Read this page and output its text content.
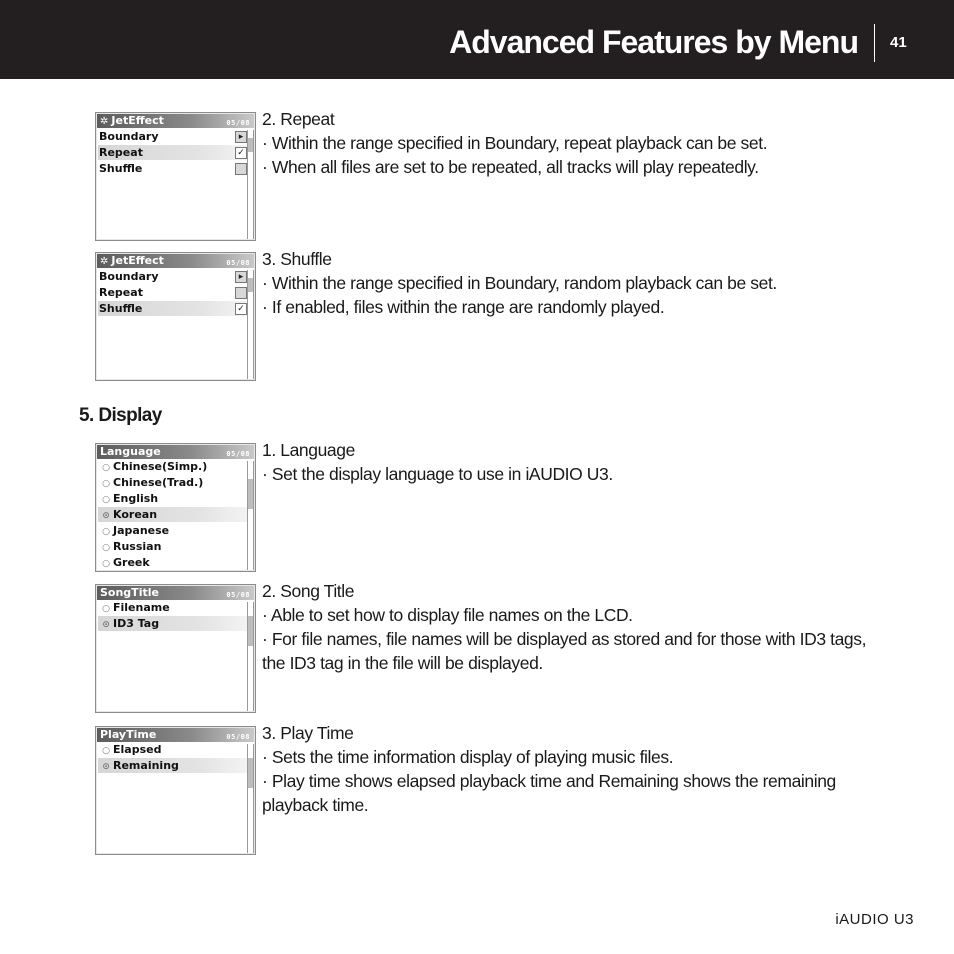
Advanced Features by Menu 41
✲ JetEffect	05/08
Boundary	▸
Repeat	✓
Shuffle

2. Repeat

· Within the range specified in Boundary, repeat playback can be set.

· When all files are set to be repeated, all tracks will play repeatedly.

✲ JetEffect	05/08
Boundary	▸
Repeat
Shuffle	✓

3. Shuffle

· Within the range specified in Boundary, random playback can be set.

· If enabled, files within the range are randomly played.

5. Display
Language	05/08
○ Chinese(Simp.)
○ Chinese(Trad.)
○ English
⊙ Korean
○ Japanese
○ Russian
○ Greek

1. Language

· Set the display language to use in iAUDIO U3.

SongTitle	05/08
○ Filename
⊙ ID3 Tag

2. Song Title

· Able to set how to display file names on the LCD.

· For file names, file names will be displayed as stored and for those with ID3 tags,

the ID3 tag in the file will be displayed.

PlayTime	05/08
○ Elapsed
⊙ Remaining

3. Play Time

· Sets the time information display of playing music files.

· Play time shows elapsed playback time and Remaining shows the remaining

playback time.

iAUDIO U3
